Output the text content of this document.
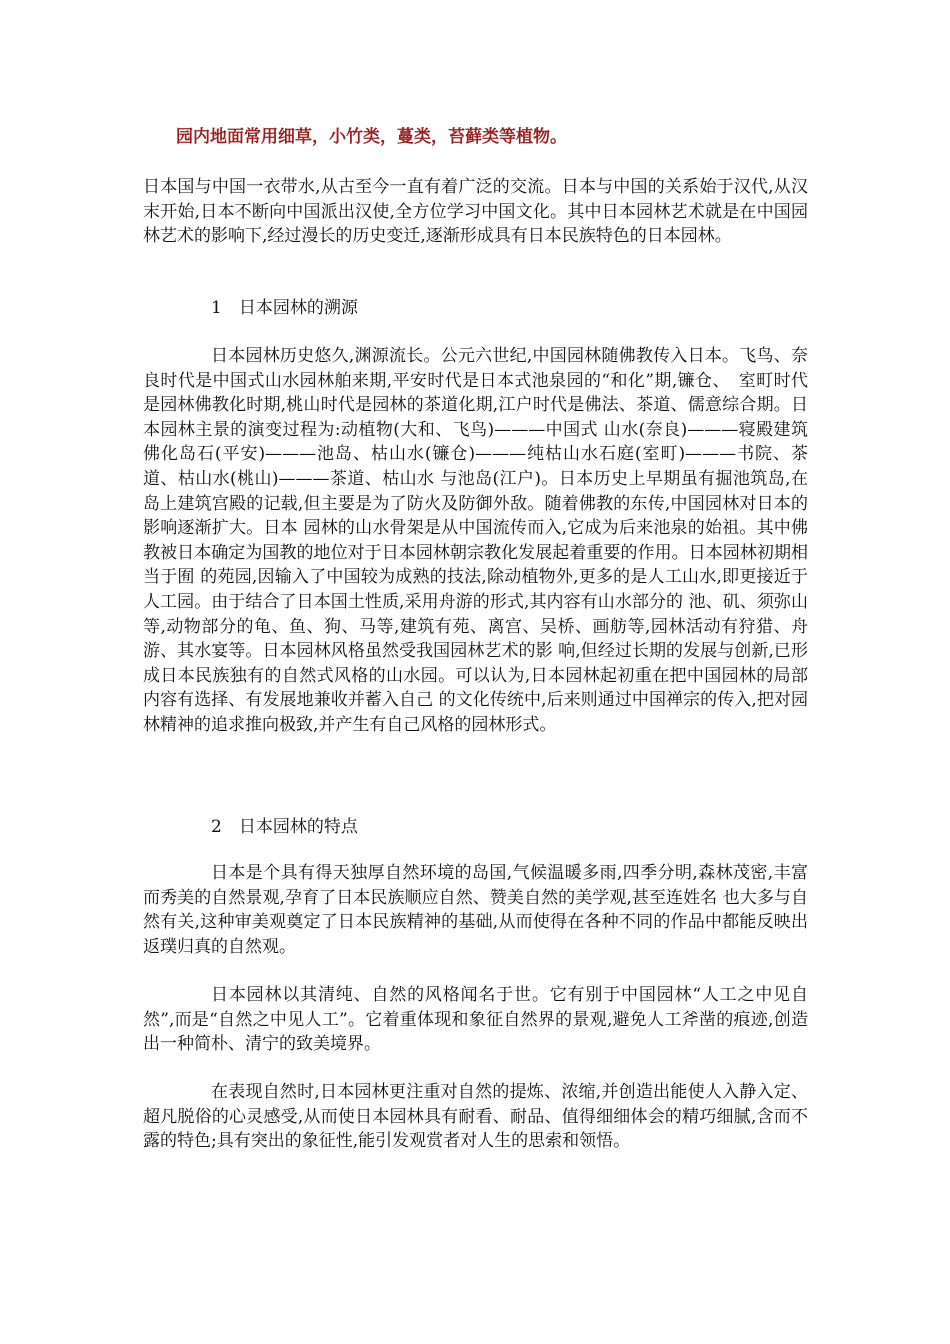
园内地面常用细草，小竹类，蔓类，苔藓类等植物。

日本国与中国一衣带水,从古至今一直有着广泛的交流。日本与中国的关系始于汉代,从汉末开始,日本不断向中国派出汉使,全方位学习中国文化。其中日本园林艺术就是在中国园林艺术的影响下,经过漫长的历史变迁,逐渐形成具有日本民族特色的日本园林。

1　日本园林的溯源

日本园林历史悠久,渊源流长。公元六世纪,中国园林随佛教传入日本。飞鸟、奈良时代是中国式山水园林舶来期,平安时代是日本式池泉园的“和化”期,镰仓、　室町时代是园林佛教化时期,桃山时代是园林的茶道化期,江户时代是佛法、茶道、儒意综合期。日本园林主景的演变过程为:动植物(大和、飞鸟)———中国式 山水(奈良)———寝殿建筑佛化岛石(平安)———池岛、枯山水(镰仓)———纯枯山水石庭(室町)———书院、茶道、枯山水(桃山)———茶道、枯山水 与池岛(江户)。日本历史上早期虽有掘池筑岛,在岛上建筑宫殿的记载,但主要是为了防火及防御外敌。随着佛教的东传,中国园林对日本的影响逐渐扩大。日本 园林的山水骨架是从中国流传而入,它成为后来池泉的始祖。其中佛教被日本确定为国教的地位对于日本园林朝宗教化发展起着重要的作用。日本园林初期相当于囿 的苑园,因输入了中国较为成熟的技法,除动植物外,更多的是人工山水,即更接近于人工园。由于结合了日本国土性质,采用舟游的形式,其内容有山水部分的 池、矶、须弥山等,动物部分的龟、鱼、狗、马等,建筑有苑、离宫、吴桥、画舫等,园林活动有狩猎、舟游、其水宴等。日本园林风格虽然受我国园林艺术的影 响,但经过长期的发展与创新,已形成日本民族独有的自然式风格的山水园。可以认为,日本园林起初重在把中国园林的局部内容有选择、有发展地兼收并蓄入自己 的文化传统中,后来则通过中国禅宗的传入,把对园林精神的追求推向极致,并产生有自己风格的园林形式。

2　日本园林的特点

日本是个具有得天独厚自然环境的岛国,气候温暖多雨,四季分明,森林茂密,丰富而秀美的自然景观,孕育了日本民族顺应自然、赞美自然的美学观,甚至连姓名 也大多与自然有关,这种审美观奠定了日本民族精神的基础,从而使得在各种不同的作品中都能反映出返璞归真的自然观。

日本园林以其清纯、自然的风格闻名于世。它有别于中国园林“人工之中见自然”,而是“自然之中见人工”。它着重体现和象征自然界的景观,避免人工斧凿的痕迹,创造出一种简朴、清宁的致美境界。

在表现自然时,日本园林更注重对自然的提炼、浓缩,并创造出能使人入静入定、超凡脱俗的心灵感受,从而使日本园林具有耐看、耐品、值得细细体会的精巧细腻,含而不露的特色;具有突出的象征性,能引发观赏者对人生的思索和领悟。
